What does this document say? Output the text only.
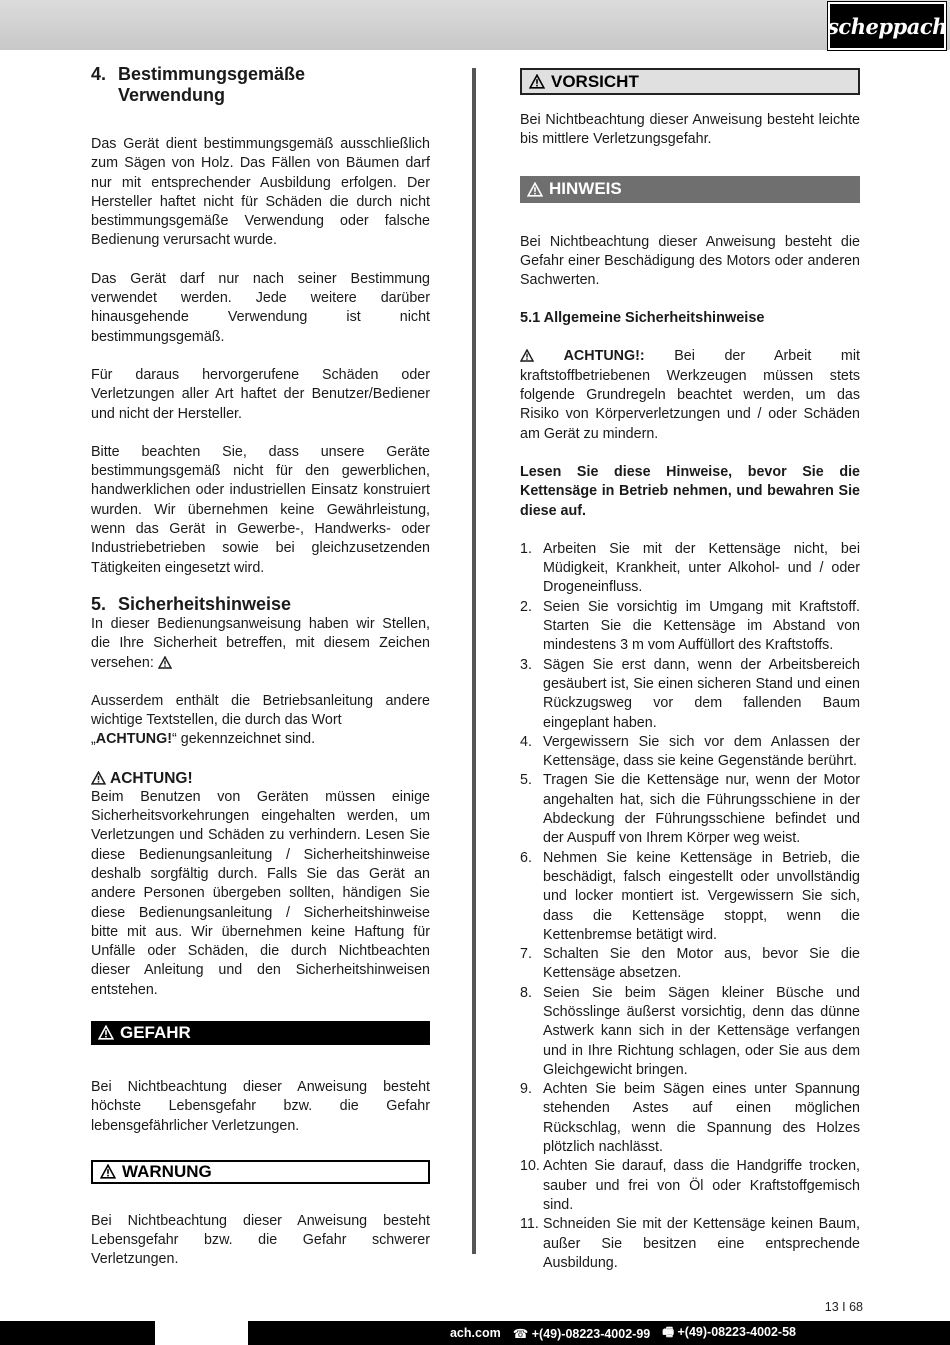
scheppach
4. Bestimmungsgemäße Verwendung

Das Gerät dient bestimmungsgemäß ausschließlich zum Sägen von Holz. Das Fällen von Bäumen darf nur mit entsprechender Ausbildung erfolgen. Der Hersteller haftet nicht für Schäden die durch nicht bestimmungsgemäße Verwendung oder falsche Bedienung verursacht wurde.

Das Gerät darf nur nach seiner Bestimmung verwendet werden. Jede weitere darüber hinausgehende Verwendung ist nicht bestimmungsgemäß.

Für daraus hervorgerufene Schäden oder Verletzungen aller Art haftet der Benutzer/Bediener und nicht der Hersteller.

Bitte beachten Sie, dass unsere Geräte bestimmungsgemäß nicht für den gewerblichen, handwerklichen oder industriellen Einsatz konstruiert wurden. Wir übernehmen keine Gewährleistung, wenn das Gerät in Gewerbe-, Handwerks- oder Industriebetrieben sowie bei gleichzusetzenden Tätigkeiten eingesetzt wird.

5. Sicherheitshinweise

In dieser Bedienungsanweisung haben wir Stellen, die Ihre Sicherheit betreffen, mit diesem Zeichen versehen:

Ausserdem enthält die Betriebsanleitung andere wichtige Textstellen, die durch das Wort
„ACHTUNG!“ gekennzeichnet sind.

ACHTUNG!

Beim Benutzen von Geräten müssen einige Sicherheitsvorkehrungen eingehalten werden, um Verletzungen und Schäden zu verhindern. Lesen Sie diese Bedienungsanleitung / Sicherheitshinweise deshalb sorgfältig durch. Falls Sie das Gerät an andere Personen übergeben sollten, händigen Sie diese Bedienungsanleitung / Sicherheitshinweise bitte mit aus. Wir übernehmen keine Haftung für Unfälle oder Schäden, die durch Nichtbeachten dieser Anleitung und den Sicherheitshinweisen entstehen.

GEFAHR

Bei Nichtbeachtung dieser Anweisung besteht höchste Lebensgefahr bzw. die Gefahr lebensgefährlicher Verletzungen.

WARNUNG

Bei Nichtbeachtung dieser Anweisung besteht Lebensgefahr bzw. die Gefahr schwerer Verletzungen.

VORSICHT

Bei Nichtbeachtung dieser Anweisung besteht leichte bis mittlere Verletzungsgefahr.

HINWEIS

Bei Nichtbeachtung dieser Anweisung besteht die Gefahr einer Beschädigung des Motors oder anderen Sachwerten.

5.1 Allgemeine Sicherheitshinweise

ACHTUNG!: Bei der Arbeit mit kraftstoffbetriebenen Werkzeugen müssen stets folgende Grundregeln beachtet werden, um das Risiko von Körperverletzungen und / oder Schäden am Gerät zu mindern.

Lesen Sie diese Hinweise, bevor Sie die Kettensäge in Betrieb nehmen, und bewahren Sie diese auf.

1. Arbeiten Sie mit der Kettensäge nicht, bei Müdigkeit, Krankheit, unter Alkohol- und / oder Drogeneinfluss.
2. Seien Sie vorsichtig im Umgang mit Kraftstoff. Starten Sie die Kettensäge im Abstand von mindestens 3 m vom Auffüllort des Kraftstoffs.
3. Sägen Sie erst dann, wenn der Arbeitsbereich gesäubert ist, Sie einen sicheren Stand und einen Rückzugsweg vor dem fallenden Baum eingeplant haben.
4. Vergewissern Sie sich vor dem Anlassen der Kettensäge, dass sie keine Gegenstände berührt.
5. Tragen Sie die Kettensäge nur, wenn der Motor angehalten hat, sich die Führungsschiene in der Abdeckung der Führungsschiene befindet und der Auspuff von Ihrem Körper weg weist.
6. Nehmen Sie keine Kettensäge in Betrieb, die beschädigt, falsch eingestellt oder unvollständig und locker montiert ist. Vergewissern Sie sich, dass die Kettensäge stoppt, wenn die Kettenbremse betätigt wird.
7. Schalten Sie den Motor aus, bevor Sie die Kettensäge absetzen.
8. Seien Sie beim Sägen kleiner Büsche und Schösslinge äußerst vorsichtig, denn das dünne Astwerk kann sich in der Kettensäge verfangen und in Ihre Richtung schlagen, oder Sie aus dem Gleichgewicht bringen.
9. Achten Sie beim Sägen eines unter Spannung stehenden Astes auf einen möglichen Rückschlag, wenn die Spannung des Holzes plötzlich nachlässt.
10. Achten Sie darauf, dass die Handgriffe trocken, sauber und frei von Öl oder Kraftstoffgemisch sind.
11. Schneiden Sie mit der Kettensäge keinen Baum, außer Sie besitzen eine entsprechende Ausbildung.
13 I 68
ach.com ☎ +(49)-08223-4002-99 🖷 +(49)-08223-4002-58
